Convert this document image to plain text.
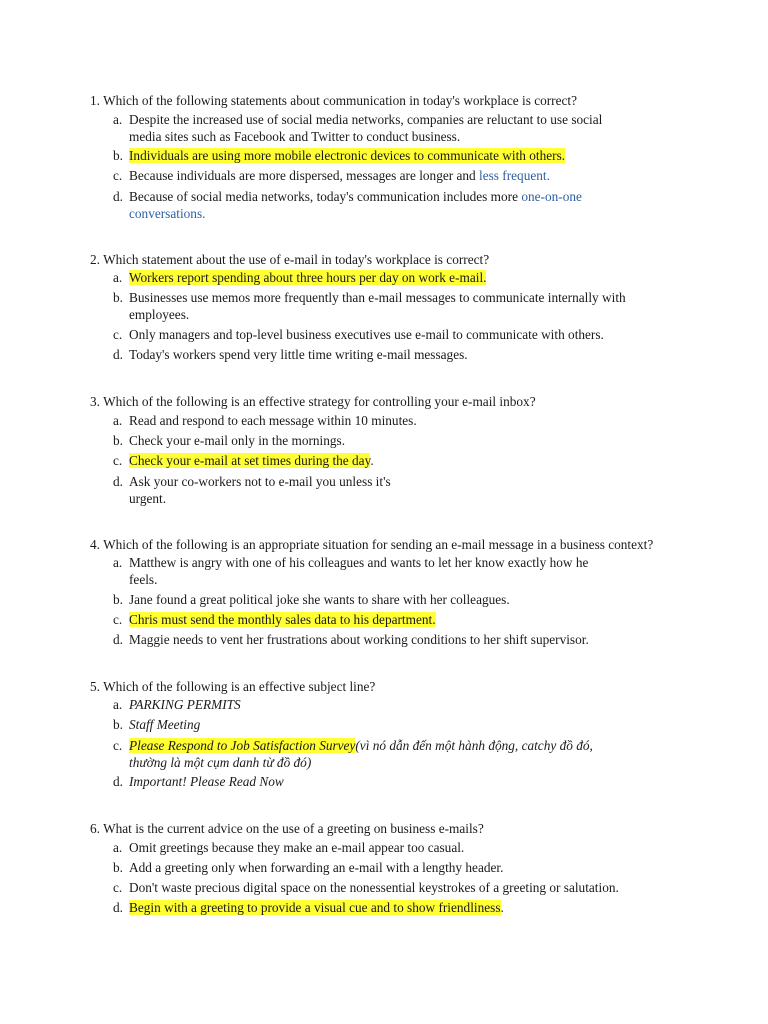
1. Which of the following statements about communication in today's workplace is correct?
a. Despite the increased use of social media networks, companies are reluctant to use social media sites such as Facebook and Twitter to conduct business.
b. Individuals are using more mobile electronic devices to communicate with others.
c. Because individuals are more dispersed, messages are longer and less frequent.
d. Because of social media networks, today's communication includes more one-on-one conversations.
2. Which statement about the use of e-mail in today's workplace is correct?
a. Workers report spending about three hours per day on work e-mail.
b. Businesses use memos more frequently than e-mail messages to communicate internally with employees.
c. Only managers and top-level business executives use e-mail to communicate with others.
d. Today's workers spend very little time writing e-mail messages.
3. Which of the following is an effective strategy for controlling your e-mail inbox?
a. Read and respond to each message within 10 minutes.
b. Check your e-mail only in the mornings.
c. Check your e-mail at set times during the day.
d. Ask your co-workers not to e-mail you unless it's urgent.
4. Which of the following is an appropriate situation for sending an e-mail message in a business context?
a. Matthew is angry with one of his colleagues and wants to let her know exactly how he feels.
b. Jane found a great political joke she wants to share with her colleagues.
c. Chris must send the monthly sales data to his department.
d. Maggie needs to vent her frustrations about working conditions to her shift supervisor.
5. Which of the following is an effective subject line?
a. PARKING PERMITS
b. Staff Meeting
c. Please Respond to Job Satisfaction Survey(vì nó dẫn đến một hành động, catchy đồ đó, thường là một cụm danh từ đồ đó)
d. Important! Please Read Now
6. What is the current advice on the use of a greeting on business e-mails?
a. Omit greetings because they make an e-mail appear too casual.
b. Add a greeting only when forwarding an e-mail with a lengthy header.
c. Don't waste precious digital space on the nonessential keystrokes of a greeting or salutation.
d. Begin with a greeting to provide a visual cue and to show friendliness.
